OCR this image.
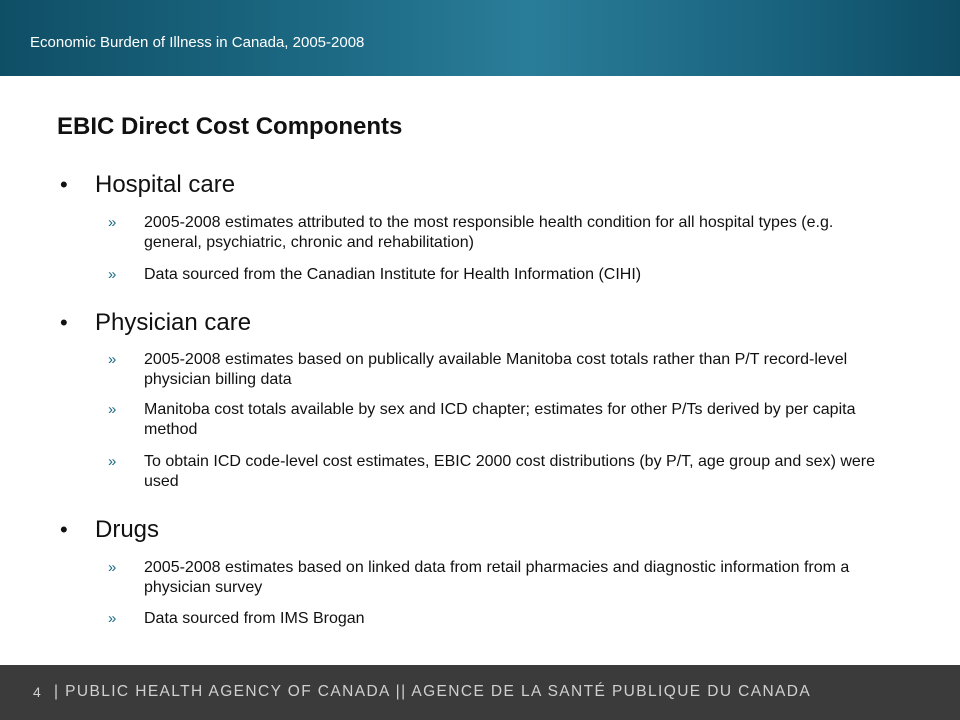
Economic Burden of Illness in Canada, 2005-2008
EBIC Direct Cost Components
•	Hospital care
»	2005-2008 estimates attributed to the most responsible health condition for all hospital types (e.g. general, psychiatric, chronic and rehabilitation)
»	Data sourced from the Canadian Institute for Health Information (CIHI)
•	Physician care
»	2005-2008 estimates based on publically available Manitoba cost totals rather than P/T record-level physician billing data
»	Manitoba cost totals available by sex and ICD chapter; estimates for other P/Ts derived by per capita method
»	To obtain ICD code-level cost estimates, EBIC 2000 cost distributions (by P/T, age group and sex) were used
•	Drugs
»	2005-2008 estimates based on linked data from retail pharmacies and diagnostic information from a physician survey
»	Data sourced from IMS Brogan
4 | PUBLIC HEALTH AGENCY OF CANADA || AGENCE DE LA SANTÉ PUBLIQUE DU CANADA
